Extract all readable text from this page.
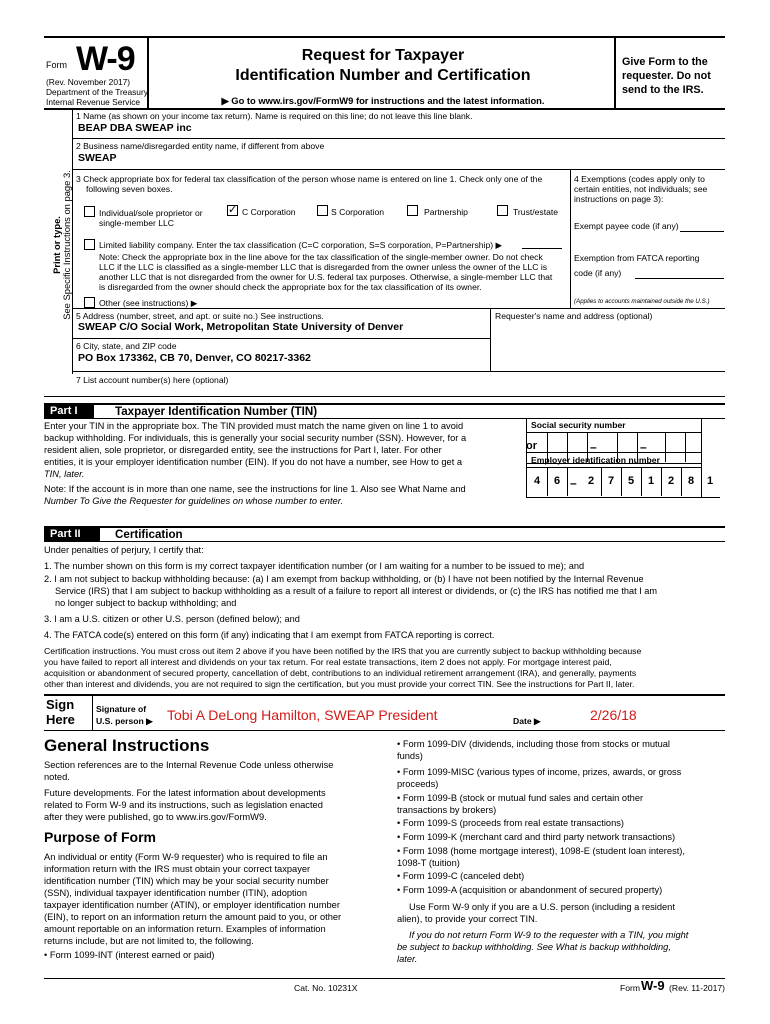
Form W-9
(Rev. November 2017)
Department of the Treasury
Internal Revenue Service
Request for Taxpayer
Identification Number and Certification
▶ Go to www.irs.gov/FormW9 for instructions and the latest information.
Give Form to the
requester. Do not
send to the IRS.
Print or type. See Specific Instructions on page 3.
1 Name (as shown on your income tax return). Name is required on this line; do not leave this line blank.
BEAP DBA SWEAP inc
2 Business name/disregarded entity name, if different from above
SWEAP
3 Check appropriate box for federal tax classification of the person whose name is entered on line 1. Check only one of the
following seven boxes.
Individual/sole proprietor or
single-member LLC
✓ C Corporation	S Corporation	Partnership	Trust/estate
Limited liability company. Enter the tax classification (C=C corporation, S=S corporation, P=Partnership) ▶
Note: Check the appropriate box in the line above for the tax classification of the single-member owner. Do not check
LLC if the LLC is classified as a single-member LLC that is disregarded from the owner unless the owner of the LLC is
another LLC that is not disregarded from the owner for U.S. federal tax purposes. Otherwise, a single-member LLC that
is disregarded from the owner should check the appropriate box for the tax classification of its owner.
Other (see instructions) ▶
4 Exemptions (codes apply only to
certain entities, not individuals; see
instructions on page 3):
Exempt payee code (if any)
Exemption from FATCA reporting
code (if any)
(Applies to accounts maintained outside the U.S.)
5 Address (number, street, and apt. or suite no.) See instructions.
SWEAP C/O Social Work, Metropolitan State University of Denver
Requester's name and address (optional)
6 City, state, and ZIP code
PO Box 173362, CB 70, Denver, CO 80217-3362
7 List account number(s) here (optional)
Part I	Taxpayer Identification Number (TIN)
Enter your TIN in the appropriate box. The TIN provided must match the name given on line 1 to avoid
backup withholding. For individuals, this is generally your social security number (SSN). However, for a
resident alien, sole proprietor, or disregarded entity, see the instructions for Part I, later. For other
entities, it is your employer identification number (EIN). If you do not have a number, see How to get a
TIN, later.
Note: If the account is in more than one name, see the instructions for line 1. Also see What Name and
Number To Give the Requester for guidelines on whose number to enter.
Social security number
–	–
or
Employer identification number
4	6 –	2	7	5	1	2	8	1
Part II	Certification
Under penalties of perjury, I certify that:
1. The number shown on this form is my correct taxpayer identification number (or I am waiting for a number to be issued to me); and
2. I am not subject to backup withholding because: (a) I am exempt from backup withholding, or (b) I have not been notified by the Internal Revenue
Service (IRS) that I am subject to backup withholding as a result of a failure to report all interest or dividends, or (c) the IRS has notified me that I am
no longer subject to backup withholding; and
3. I am a U.S. citizen or other U.S. person (defined below); and
4. The FATCA code(s) entered on this form (if any) indicating that I am exempt from FATCA reporting is correct.
Certification instructions. You must cross out item 2 above if you have been notified by the IRS that you are currently subject to backup withholding because
you have failed to report all interest and dividends on your tax return. For real estate transactions, item 2 does not apply. For mortgage interest paid,
acquisition or abandonment of secured property, cancellation of debt, contributions to an individual retirement arrangement (IRA), and generally, payments
other than interest and dividends, you are not required to sign the certification, but you must provide your correct TIN. See the instructions for Part II, later.
Sign
Here
Signature of
U.S. person ▶ Tobi A DeLong Hamilton, SWEAP President	Date ▶	2/26/18
General Instructions
Section references are to the Internal Revenue Code unless otherwise
noted.
Future developments. For the latest information about developments
related to Form W-9 and its instructions, such as legislation enacted
after they were published, go to www.irs.gov/FormW9.
Purpose of Form
An individual or entity (Form W-9 requester) who is required to file an
information return with the IRS must obtain your correct taxpayer
identification number (TIN) which may be your social security number
(SSN), individual taxpayer identification number (ITIN), adoption
taxpayer identification number (ATIN), or employer identification number
(EIN), to report on an information return the amount paid to you, or other
amount reportable on an information return. Examples of information
returns include, but are not limited to, the following.
• Form 1099-INT (interest earned or paid)
• Form 1099-DIV (dividends, including those from stocks or mutual
funds)
• Form 1099-MISC (various types of income, prizes, awards, or gross
proceeds)
• Form 1099-B (stock or mutual fund sales and certain other
transactions by brokers)
• Form 1099-S (proceeds from real estate transactions)
• Form 1099-K (merchant card and third party network transactions)
• Form 1098 (home mortgage interest), 1098-E (student loan interest),
1098-T (tuition)
• Form 1099-C (canceled debt)
• Form 1099-A (acquisition or abandonment of secured property)
Use Form W-9 only if you are a U.S. person (including a resident
alien), to provide your correct TIN.
If you do not return Form W-9 to the requester with a TIN, you might
be subject to backup withholding. See What is backup withholding,
later.
Cat. No. 10231X	Form W-9 (Rev. 11-2017)
